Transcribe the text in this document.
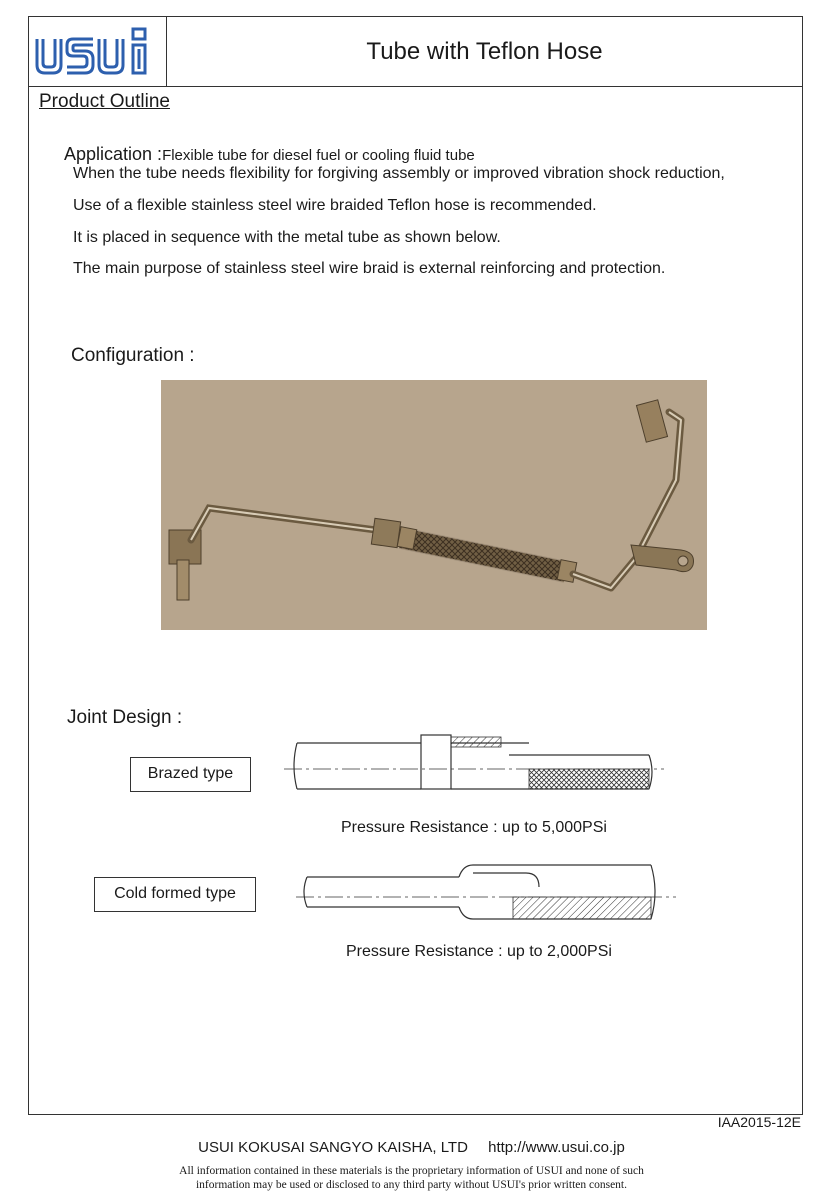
Tube with Teflon Hose
Product Outline
Application :Flexible tube for diesel fuel or cooling fluid tube
When the tube needs flexibility for forgiving assembly or improved vibration shock reduction,
Use of a flexible stainless steel wire braided Teflon hose is recommended.
It is placed in sequence with the metal tube as shown below.
The main purpose of stainless steel wire braid is external reinforcing and protection.
Configuration :
Joint Design :
Brazed type
Pressure Resistance : up to 5,000PSi
Cold formed type
Pressure Resistance : up to 2,000PSi
IAA2015-12E
USUI KOKUSAI SANGYO KAISHA, LTD http://www.usui.co.jp
All information contained in these materials is the proprietary information of USUI and none of such
information may be used or disclosed to any third party without USUI's prior written consent.
